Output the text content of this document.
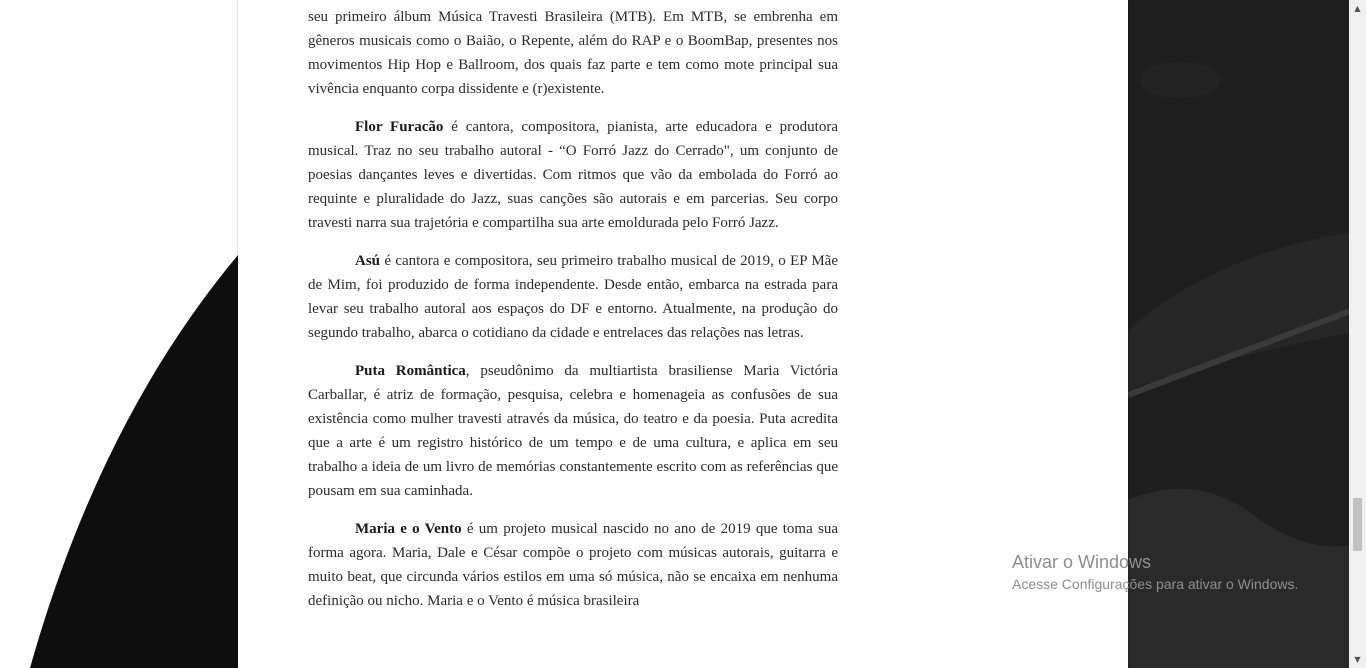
seu primeiro álbum Música Travesti Brasileira (MTB). Em MTB, se embrenha em gêneros musicais como o Baião, o Repente, além do RAP e o BoomBap, presentes nos movimentos Hip Hop e Ballroom, dos quais faz parte e tem como mote principal sua vivência enquanto corpa dissidente e (r)existente.

Flor Furacão é cantora, compositora, pianista, arte educadora e produtora musical. Traz no seu trabalho autoral - “O Forró Jazz do Cerrado", um conjunto de poesias dançantes leves e divertidas. Com ritmos que vão da embolada do Forró ao requinte e pluralidade do Jazz, suas canções são autorais e em parcerias. Seu corpo travesti narra sua trajetória e compartilha sua arte emoldurada pelo Forró Jazz.

Asú é cantora e compositora, seu primeiro trabalho musical de 2019, o EP Mãe de Mim, foi produzido de forma independente. Desde então, embarca na estrada para levar seu trabalho autoral aos espaços do DF e entorno. Atualmente, na produção do segundo trabalho, abarca o cotidiano da cidade e entrelaces das relações nas letras.

Puta Romântica, pseudônimo da multiartista brasiliense Maria Victória Carballar, é atriz de formação, pesquisa, celebra e homenageia as confusões de sua existência como mulher travesti através da música, do teatro e da poesia. Puta acredita que a arte é um registro histórico de um tempo e de uma cultura, e aplica em seu trabalho a ideia de um livro de memórias constantemente escrito com as referências que pousam em sua caminhada.

Maria e o Vento é um projeto musical nascido no ano de 2019 que toma sua forma agora. Maria, Dale e César compõe o projeto com músicas autorais, guitarra e muito beat, que circunda vários estilos em uma só música, não se encaixa em nenhuma definição ou nicho. Maria e o Vento é música brasileira

Ativar o Windows
Acesse Configurações para ativar o Windows.
▲
▼
